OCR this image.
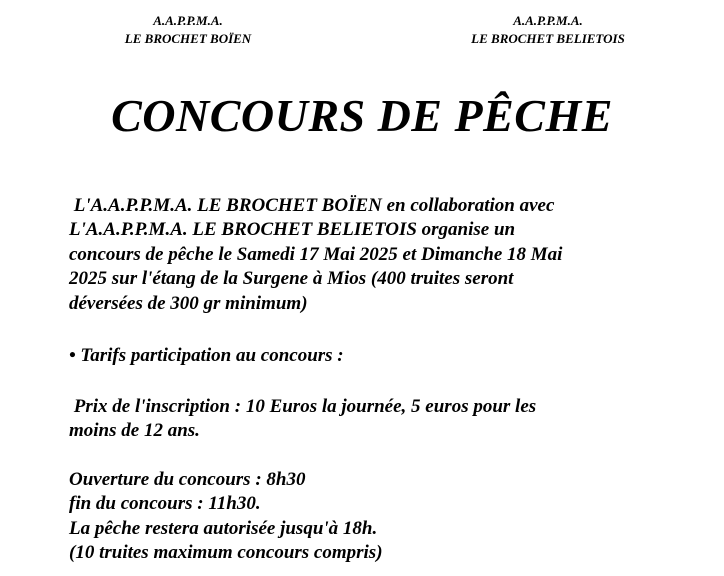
A.A.P.P.M.A.
LE BROCHET BOÏEN
A.A.P.P.M.A.
LE BROCHET BELIETOIS
CONCOURS DE PÊCHE
L'A.A.P.P.M.A. LE BROCHET BOÏEN en collaboration avec
L'A.A.P.P.M.A. LE BROCHET BELIETOIS organise un
concours de pêche le Samedi 17 Mai 2025 et Dimanche 18 Mai
2025 sur l'étang de la Surgene à Mios (400 truites seront
déversées de 300 gr minimum)
• Tarifs participation au concours :
Prix de l'inscription : 10 Euros la journée, 5 euros pour les
moins de 12 ans.
Ouverture du concours : 8h30
fin du concours : 11h30.
La pêche restera autorisée jusqu'à 18h.
(10 truites maximum concours compris)
